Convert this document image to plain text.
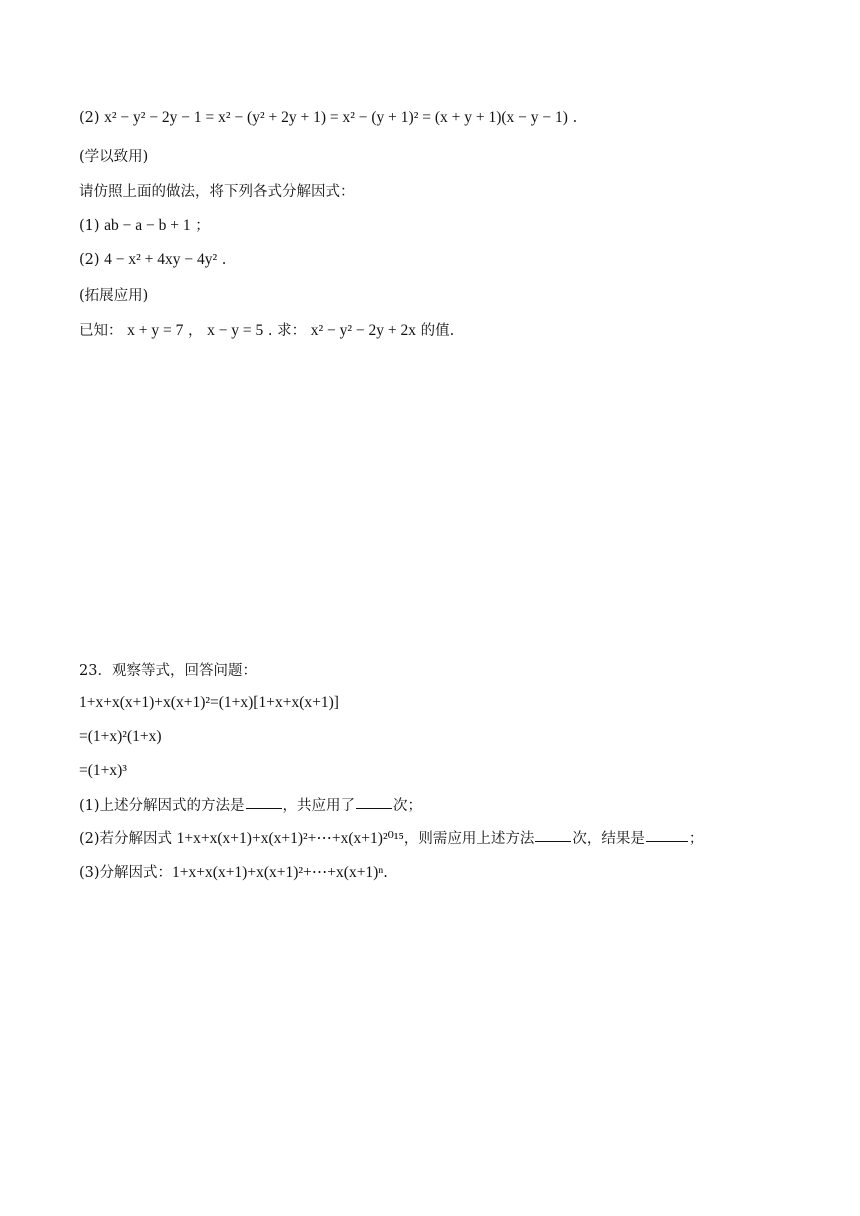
(2) x² − y² − 2y − 1 = x² − (y² + 2y + 1) = x² − (y + 1)² = (x + y + 1)(x − y − 1) .
(学以致用)
请仿照上面的做法，将下列各式分解因式：
(1) ab − a − b + 1 ；
(2) 4 − x² + 4xy − 4y² .
(拓展应用)
已知： x + y = 7 ， x − y = 5 . 求： x² − y² − 2y + 2x 的值.
23．观察等式，回答问题：
1+x+x(x+1)+x(x+1)²=(1+x)[1+x+x(x+1)]
=(1+x)²(1+x)
=(1+x)³
(1)上述分解因式的方法是	，共应用了	次；
(2)若分解因式 1+x+x(x+1)+x(x+1)²+⋯+x(x+1)²⁰¹⁵，则需应用上述方法	次，结果是	；
(3)分解因式：1+x+x(x+1)+x(x+1)²+⋯+x(x+1)ⁿ.
